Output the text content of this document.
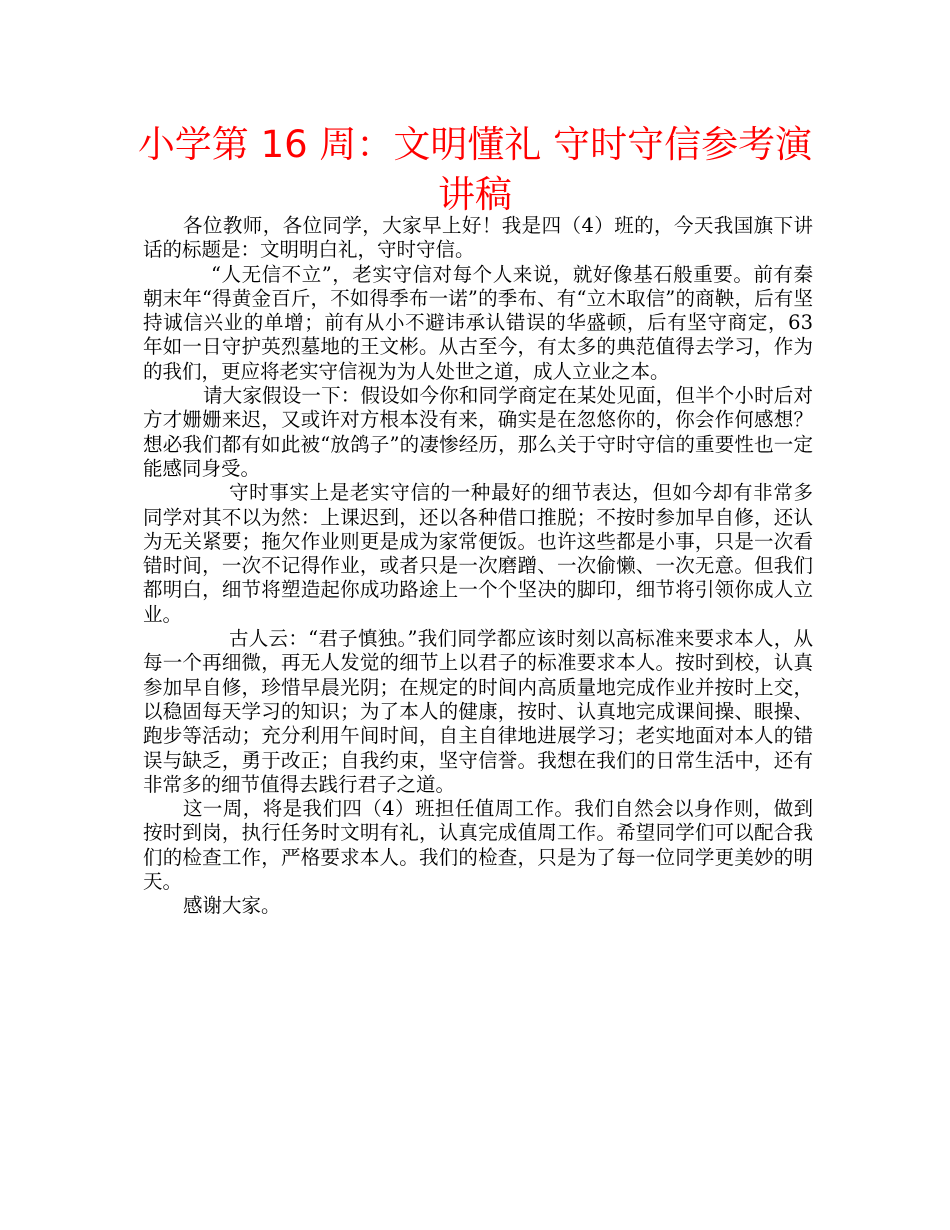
小学第 16 周：文明懂礼 守时守信参考演
讲稿

各位教师，各位同学，大家早上好！我是四（4）班的，今天我国旗下讲话的标题是：文明明白礼，守时守信。

“人无信不立”，老实守信对每个人来说，就好像基石般重要。前有秦朝末年“得黄金百斤，不如得季布一诺”的季布、有“立木取信”的商鞅，后有坚持诚信兴业的单增；前有从小不避讳承认错误的华盛顿，后有坚守商定，63 年如一日守护英烈墓地的王文彬。从古至今，有太多的典范值得去学习，作为的我们，更应将老实守信视为为人处世之道，成人立业之本。

请大家假设一下：假设如今你和同学商定在某处见面，但半个小时后对方才姗姗来迟，又或许对方根本没有来，确实是在忽悠你的，你会作何感想？想必我们都有如此被“放鸽子”的凄惨经历，那么关于守时守信的重要性也一定能感同身受。

守时事实上是老实守信的一种最好的细节表达，但如今却有非常多同学对其不以为然：上课迟到，还以各种借口推脱；不按时参加早自修，还认为无关紧要；拖欠作业则更是成为家常便饭。也许这些都是小事，只是一次看错时间，一次不记得作业，或者只是一次磨蹭、一次偷懒、一次无意。但我们都明白，细节将塑造起你成功路途上一个个坚决的脚印，细节将引领你成人立业。

古人云：“君子慎独。”我们同学都应该时刻以高标准来要求本人，从每一个再细微，再无人发觉的细节上以君子的标准要求本人。按时到校，认真参加早自修，珍惜早晨光阴；在规定的时间内高质量地完成作业并按时上交，以稳固每天学习的知识；为了本人的健康，按时、认真地完成课间操、眼操、跑步等活动；充分利用午间时间，自主自律地进展学习；老实地面对本人的错误与缺乏，勇于改正；自我约束，坚守信誉。我想在我们的日常生活中，还有非常多的细节值得去践行君子之道。

这一周，将是我们四（4）班担任值周工作。我们自然会以身作则，做到按时到岗，执行任务时文明有礼，认真完成值周工作。希望同学们可以配合我们的检查工作，严格要求本人。我们的检查，只是为了每一位同学更美妙的明天。

感谢大家。
